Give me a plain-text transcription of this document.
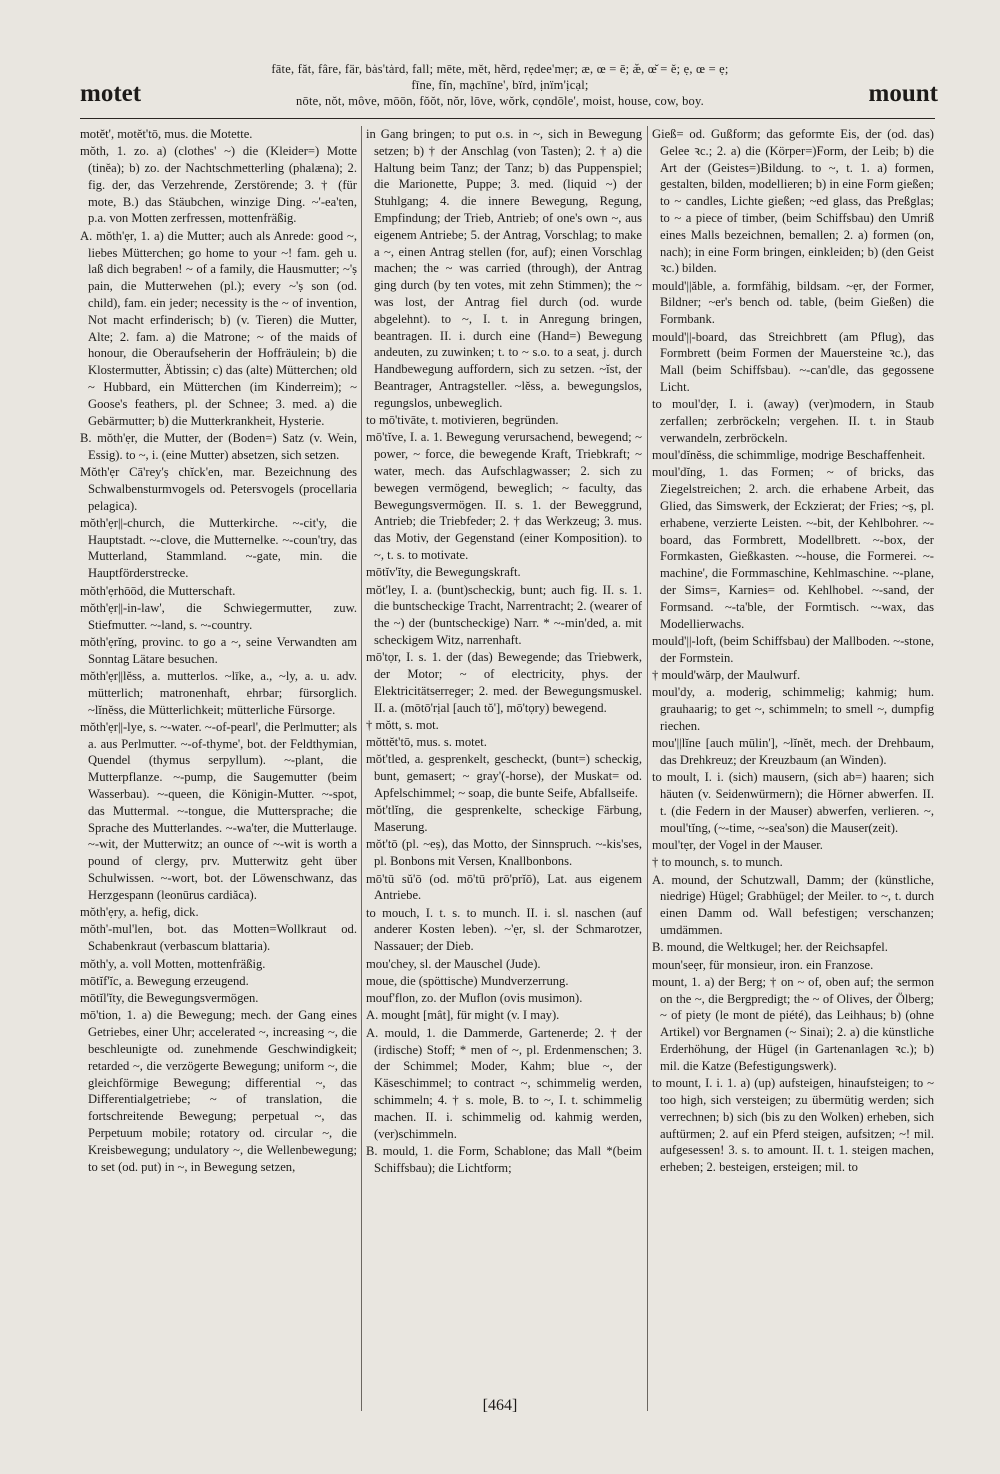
motet
fāte, făt, fâre, fär, bȧs'tȧrd, fall; mēte, mĕt, hẽrd, rẹdee'mẹr; æ, œ = ē; æ̆, œ̆ = ĕ; ẹ, œ = ẹ;
fīne, fĭn, mạchīne', bïrd, ịnïm'ịcạl;
nōte, nŏt, môve, mōōn, fŏŏt, nŏr, lōve, wŏrk, cọndōle', moist, house, cow, boy.	mount
motĕt', motĕt'tō, mus. die Motette.
mŏth, 1. zo. a) (clothes' ~) die (Kleider=) Motte (tinĕa); b) zo. der Nachtschmetterling (phalæna); 2. fig. der, das Verzehrende, Zerstörende; 3. † (für mote, B.) das Stäubchen, winzige Ding. ~'-ea'ten, p.a. von Motten zerfressen, mottenfräßig.
A. mŏth'ẹr, 1. a) die Mutter; auch als Anrede: good ~, liebes Mütterchen; go home to your ~! fam. geh u. laß dich begraben! ~ of a family, die Hausmutter; ~'ṣ pain, die Mutterwehen (pl.); every ~'ṣ son (od. child), fam. ein jeder; necessity is the ~ of invention, Not macht erfinderisch; b) (v. Tieren) die Mutter, Alte; 2. fam. a) die Matrone; ~ of the maids of honour, die Oberaufseherin der Hoffräulein; b) die Klostermutter, Äbtissin; c) das (alte) Mütterchen; old ~ Hubbard, ein Mütterchen (im Kinderreim); ~ Goose's feathers, pl. der Schnee; 3. med. a) die Gebärmutter; b) die Mutterkrankheit, Hysterie.
B. mŏth'ẹr, die Mutter, der (Boden=) Satz (v. Wein, Essig). to ~, i. (eine Mutter) absetzen, sich setzen.
Mŏth'ẹr Cā'rey'ṣ chĭck'en, mar. Bezeichnung des Schwalbensturmvogels od. Petersvogels (procellaria pelagica).
mŏth'ẹr||-church, die Mutterkirche. ~-cit'y, die Hauptstadt. ~-clove, die Mutternelke. ~-coun'try, das Mutterland, Stammland. ~-gate, min. die Hauptförderstrecke.
mŏth'ẹrhōōd, die Mutterschaft.
mŏth'ẹr||-in-law', die Schwiegermutter, zuw. Stiefmutter. ~-land, s. ~-country.
mŏth'ẹrĭng, provinc. to go a ~, seine Verwandten am Sonntag Lätare besuchen.
mŏth'ẹr||lĕss, a. mutterlos. ~līke, a., ~ly, a. u. adv. mütterlich; matronenhaft, ehrbar; fürsorglich. ~lĭnĕss, die Mütterlichkeit; mütterliche Fürsorge.
mŏth'ẹr||-lye, s. ~-water. ~-of-pearl', die Perlmutter; als a. aus Perlmutter. ~-of-thyme', bot. der Feldthymian, Quendel (thymus serpyllum). ~-plant, die Mutterpflanze. ~-pump, die Saugemutter (beim Wasserbau). ~-queen, die Königin-Mutter. ~-spot, das Muttermal. ~-tongue, die Muttersprache; die Sprache des Mutterlandes. ~-wa'ter, die Mutterlauge. ~-wit, der Mutterwitz; an ounce of ~-wit is worth a pound of clergy, prv. Mutterwitz geht über Schulwissen. ~-wort, bot. der Löwenschwanz, das Herzgespann (leonūrus cardiăca).
mŏth'ẹry, a. hefig, dick.
mŏth'-mul'len, bot. das Motten=Wollkraut od. Schabenkraut (verbascum blattaria).
mŏth'y, a. voll Motten, mottenfräßig.
mōtĭf'ĭc, a. Bewegung erzeugend.
mōtĭl'ĭty, die Bewegungsvermögen.
mō'tion, 1. a) die Bewegung; mech. der Gang eines Getriebes, einer Uhr; accelerated ~, increasing ~, die beschleunigte od. zunehmende Geschwindigkeit; retarded ~, die verzögerte Bewegung; uniform ~, die gleichförmige Bewegung; differential ~, das Differentialgetriebe; ~ of translation, die fortschreitende Bewegung; perpetual ~, das Perpetuum mobile; rotatory od. circular ~, die Kreisbewegung; undulatory ~, die Wellenbewegung; to set (od. put) in ~, in Bewegung setzen,
in Gang bringen; to put o.s. in ~, sich in Bewegung setzen; b) † der Anschlag (von Tasten); 2. † a) die Haltung beim Tanz; der Tanz; b) das Puppenspiel; die Marionette, Puppe; 3. med. (liquid ~) der Stuhlgang; 4. die innere Bewegung, Regung, Empfindung; der Trieb, Antrieb; of one's own ~, aus eigenem Antriebe; 5. der Antrag, Vorschlag; to make a ~, einen Antrag stellen (for, auf); einen Vorschlag machen; the ~ was carried (through), der Antrag ging durch (by ten votes, mit zehn Stimmen); the ~ was lost, der Antrag fiel durch (od. wurde abgelehnt). to ~, I. t. in Anregung bringen, beantragen. II. i. durch eine (Hand=) Bewegung andeuten, zu zuwinken; t. to ~ s.o. to a seat, j. durch Handbewegung auffordern, sich zu setzen. ~ĭst, der Beantrager, Antragsteller. ~lĕss, a. bewegungslos, regungslos, unbeweglich.
to mō'tivāte, t. motivieren, begründen.
mō'tĭve, I. a. 1. Bewegung verursachend, bewegend; ~ power, ~ force, die bewegende Kraft, Triebkraft; ~ water, mech. das Aufschlagwasser; 2. sich zu bewegen vermögend, beweglich; ~ faculty, das Bewegungsvermögen. II. s. 1. der Beweggrund, Antrieb; die Triebfeder; 2. † das Werkzeug; 3. mus. das Motiv, der Gegenstand (einer Komposition). to ~, t. s. to motivate.
mōtĭv'ĭty, die Bewegungskraft.
mŏt'ley, I. a. (bunt)scheckig, bunt; auch fig. II. s. 1. die buntscheckige Tracht, Narrentracht; 2. (wearer of the ~) der (buntscheckige) Narr. * ~-min'ded, a. mit scheckigem Witz, narrenhaft.
mō'tọr, I. s. 1. der (das) Bewegende; das Triebwerk, der Motor; ~ of electricity, phys. der Elektricitätserreger; 2. med. der Bewegungsmuskel. II. a. (mōtō'rịal [auch tŏ'], mō'tọry) bewegend.
† mŏtt, s. mot.
mŏttĕt'tō, mus. s. motet.
mŏt'tled, a. gesprenkelt, gescheckt, (bunt=) scheckig, bunt, gemasert; ~ gray'(-horse), der Muskat= od. Apfelschimmel; ~ soap, die bunte Seife, Abfallseife.
mŏt'tlĭng, die gesprenkelte, scheckige Färbung, Maserung.
mŏt'tō (pl. ~eṣ), das Motto, der Sinnspruch. ~-kis'ses, pl. Bonbons mit Versen, Knallbonbons.
mō'tū sŭ'ō (od. mō'tū prō'prĭō), Lat. aus eigenem Antriebe.
to mouch, I. t. s. to munch. II. i. sl. naschen (auf anderer Kosten leben). ~'ẹr, sl. der Schmarotzer, Nassauer; der Dieb.
mou'chey, sl. der Mauschel (Jude).
moue, die (spöttische) Mundverzerrung.
mouf'flon, zo. der Muflon (ovis musimon).
A. mought [mât], für might (v. I may).
A. mould, 1. die Dammerde, Gartenerde; 2. † der (irdische) Stoff; * men of ~, pl. Erdenmenschen; 3. der Schimmel; Moder, Kahm; blue ~, der Käseschimmel; to contract ~, schimmelig werden, schimmeln; 4. † s. mole, B. to ~, I. t. schimmelig machen. II. i. schimmelig od. kahmig werden, (ver)schimmeln.
B. mould, 1. die Form, Schablone; das Mall *(beim Schiffsbau); die Lichtform;
Gieß= od. Gußform; das geformte Eis, der (od. das) Gelee ꝛc.; 2. a) die (Körper=)Form, der Leib; b) die Art der (Geistes=)Bildung. to ~, t. 1. a) formen, gestalten, bilden, modellieren; b) in eine Form gießen; to ~ candles, Lichte gießen; ~ed glass, das Preßglas; to ~ a piece of timber, (beim Schiffsbau) den Umriß eines Malls bezeichnen, bemallen; 2. a) formen (on, nach); in eine Form bringen, einkleiden; b) (den Geist ꝛc.) bilden.
mould'||ăble, a. formfähig, bildsam. ~ẹr, der Former, Bildner; ~er's bench od. table, (beim Gießen) die Formbank.
mould'||-board, das Streichbrett (am Pflug), das Formbrett (beim Formen der Mauersteine ꝛc.), das Mall (beim Schiffsbau). ~-can'dle, das gegossene Licht.
to moul'dẹr, I. i. (away) (ver)modern, in Staub zerfallen; zerbröckeln; vergehen. II. t. in Staub verwandeln, zerbröckeln.
moul'dĭnĕss, die schimmlige, modrige Beschaffenheit.
moul'dĭng, 1. das Formen; ~ of bricks, das Ziegelstreichen; 2. arch. die erhabene Arbeit, das Glied, das Simswerk, der Eckzierat; der Fries; ~ṣ, pl. erhabene, verzierte Leisten. ~-bit, der Kehlbohrer. ~-board, das Formbrett, Modellbrett. ~-box, der Formkasten, Gießkasten. ~-house, die Formerei. ~-machine', die Formmaschine, Kehlmaschine. ~-plane, der Sims=, Karnies= od. Kehlhobel. ~-sand, der Formsand. ~-ta'ble, der Formtisch. ~-wax, das Modellierwachs.
mould'||-loft, (beim Schiffsbau) der Mallboden. ~-stone, der Formstein.
† mould'wărp, der Maulwurf.
moul'dy, a. moderig, schimmelig; kahmig; hum. grauhaarig; to get ~, schimmeln; to smell ~, dumpfig riechen.
mou'||lĭne [auch mūlin'], ~lĭnĕt, mech. der Drehbaum, das Drehkreuz; der Kreuzbaum (an Winden).
to moult, I. i. (sich) mausern, (sich ab=) haaren; sich häuten (v. Seidenwürmern); die Hörner abwerfen. II. t. (die Federn in der Mauser) abwerfen, verlieren. ~, moul'tĭng, (~-time, ~-sea'son) die Mauser(zeit).
moul'tẹr, der Vogel in der Mauser.
† to mounch, s. to munch.
A. mound, der Schutzwall, Damm; der (künstliche, niedrige) Hügel; Grabhügel; der Meiler. to ~, t. durch einen Damm od. Wall befestigen; verschanzen; umdämmen.
B. mound, die Weltkugel; her. der Reichsapfel.
moun'seẹr, für monsieur, iron. ein Franzose.
mount, 1. a) der Berg; † on ~ of, oben auf; the sermon on the ~, die Bergpredigt; the ~ of Olives, der Ölberg; ~ of piety (le mont de piété), das Leihhaus; b) (ohne Artikel) vor Bergnamen (~ Sinai); 2. a) die künstliche Erderhöhung, der Hügel (in Gartenanlagen ꝛc.); b) mil. die Katze (Befestigungswerk).
to mount, I. i. 1. a) (up) aufsteigen, hinaufsteigen; to ~ too high, sich versteigen; zu übermütig werden; sich verrechnen; b) sich (bis zu den Wolken) erheben, sich auftürmen; 2. auf ein Pferd steigen, aufsitzen; ~! mil. aufgesessen! 3. s. to amount. II. t. 1. steigen machen, erheben; 2. besteigen, ersteigen; mil. to
[464]
